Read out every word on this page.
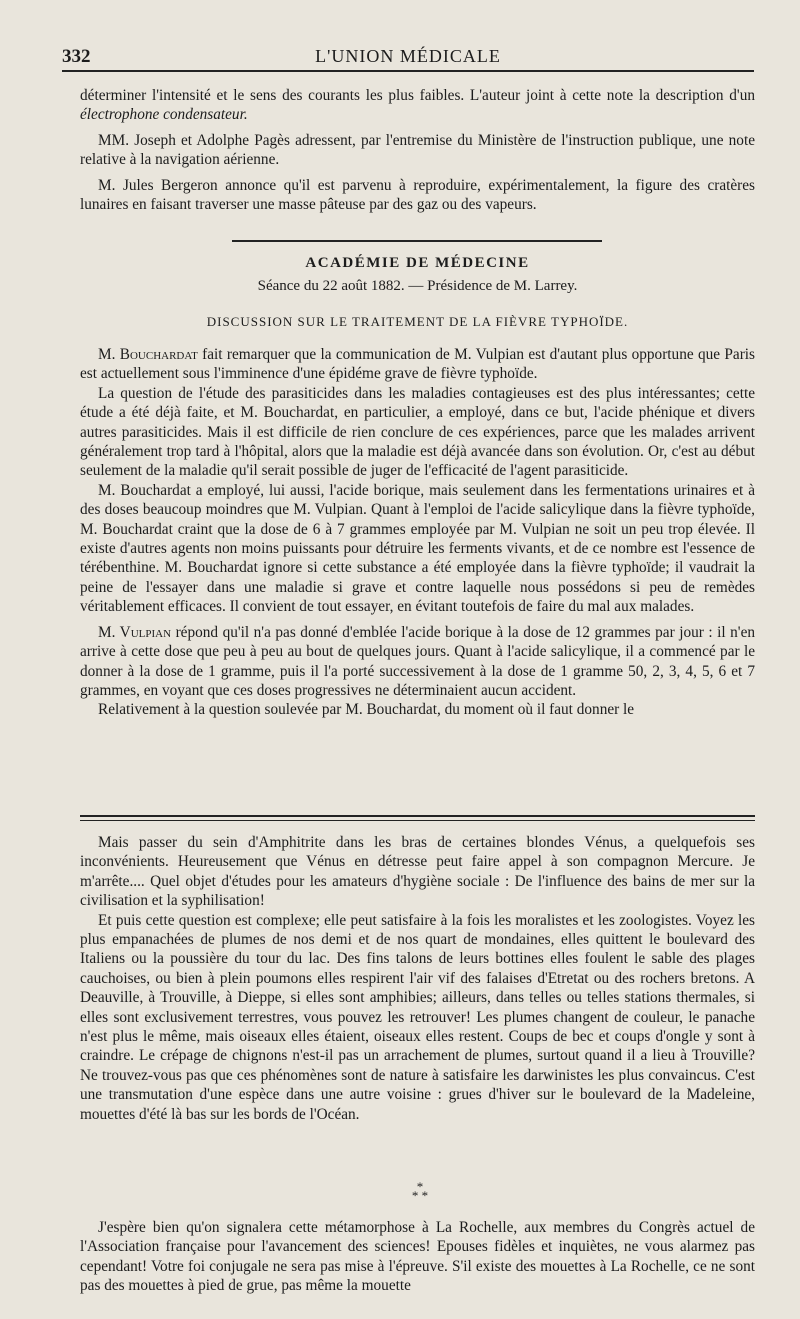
332	L'UNION MÉDICALE

déterminer l'intensité et le sens des courants les plus faibles. L'auteur joint à cette note la description d'un électrophone condensateur.

MM. Joseph et Adolphe Pagès adressent, par l'entremise du Ministère de l'instruction publique, une note relative à la navigation aérienne.

M. Jules Bergeron annonce qu'il est parvenu à reproduire, expérimentalement, la figure des cratères lunaires en faisant traverser une masse pâteuse par des gaz ou des vapeurs.

ACADÉMIE DE MÉDECINE
Séance du 22 août 1882. — Présidence de M. Larrey.
DISCUSSION SUR LE TRAITEMENT DE LA FIÈVRE TYPHOÏDE.

M. Bouchardat fait remarquer que la communication de M. Vulpian est d'autant plus opportune que Paris est actuellement sous l'imminence d'une épidéme grave de fièvre typhoïde.

La question de l'étude des parasiticides dans les maladies contagieuses est des plus intéressantes; cette étude a été déjà faite, et M. Bouchardat, en particulier, a employé, dans ce but, l'acide phénique et divers autres parasiticides. Mais il est difficile de rien conclure de ces expériences, parce que les malades arrivent généralement trop tard à l'hôpital, alors que la maladie est déjà avancée dans son évolution. Or, c'est au début seulement de la maladie qu'il serait possible de juger de l'efficacité de l'agent parasiticide.

M. Bouchardat a employé, lui aussi, l'acide borique, mais seulement dans les fermentations urinaires et à des doses beaucoup moindres que M. Vulpian. Quant à l'emploi de l'acide salicylique dans la fièvre typhoïde, M. Bouchardat craint que la dose de 6 à 7 grammes employée par M. Vulpian ne soit un peu trop élevée. Il existe d'autres agents non moins puissants pour détruire les ferments vivants, et de ce nombre est l'essence de térébenthine. M. Bouchardat ignore si cette substance a été employée dans la fièvre typhoïde; il vaudrait la peine de l'essayer dans une maladie si grave et contre laquelle nous possédons si peu de remèdes véritablement efficaces. Il convient de tout essayer, en évitant toutefois de faire du mal aux malades.

M. Vulpian répond qu'il n'a pas donné d'emblée l'acide borique à la dose de 12 grammes par jour : il n'en arrive à cette dose que peu à peu au bout de quelques jours. Quant à l'acide salicylique, il a commencé par le donner à la dose de 1 gramme, puis il l'a porté successivement à la dose de 1 gramme 50, 2, 3, 4, 5, 6 et 7 grammes, en voyant que ces doses progressives ne déterminaient aucun accident.

Relativement à la question soulevée par M. Bouchardat, du moment où il faut donner le

Mais passer du sein d'Amphitrite dans les bras de certaines blondes Vénus, a quelquefois ses inconvénients. Heureusement que Vénus en détresse peut faire appel à son compagnon Mercure. Je m'arrête.... Quel objet d'études pour les amateurs d'hygiène sociale : De l'influence des bains de mer sur la civilisation et la syphilisation!

Et puis cette question est complexe; elle peut satisfaire à la fois les moralistes et les zoologistes. Voyez les plus empanachées de plumes de nos demi et de nos quart de mondaines, elles quittent le boulevard des Italiens ou la poussière du tour du lac. Des fins talons de leurs bottines elles foulent le sable des plages cauchoises, ou bien à plein poumons elles respirent l'air vif des falaises d'Etretat ou des rochers bretons. A Deauville, à Trouville, à Dieppe, si elles sont amphibies; ailleurs, dans telles ou telles stations thermales, si elles sont exclusivement terrestres, vous pouvez les retrouver! Les plumes changent de couleur, le panache n'est plus le même, mais oiseaux elles étaient, oiseaux elles restent. Coups de bec et coups d'ongle y sont à craindre. Le crépage de chignons n'est-il pas un arrachement de plumes, surtout quand il a lieu à Trouville? Ne trouvez-vous pas que ces phénomènes sont de nature à satisfaire les darwinistes les plus convaincus. C'est une transmutation d'une espèce dans une autre voisine : grues d'hiver sur le boulevard de la Madeleine, mouettes d'été là bas sur les bords de l'Océan.

*
* *

J'espère bien qu'on signalera cette métamorphose à La Rochelle, aux membres du Congrès actuel de l'Association française pour l'avancement des sciences! Epouses fidèles et inquiètes, ne vous alarmez pas cependant! Votre foi conjugale ne sera pas mise à l'épreuve. S'il existe des mouettes à La Rochelle, ce ne sont pas des mouettes à pied de grue, pas même la mouette
